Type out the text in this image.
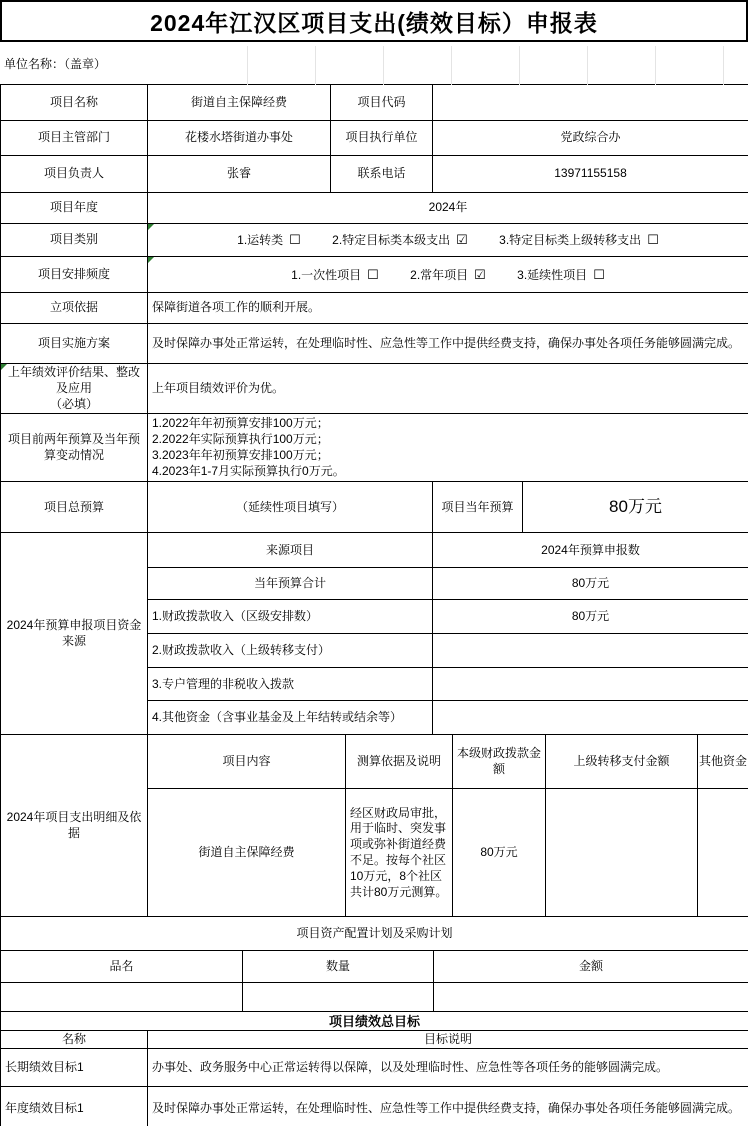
2024年江汉区项目支出(绩效目标）申报表
单位名称：（盖章）
项目名称	街道自主保障经费	项目代码		
项目主管部门	花楼水塔街道办事处	项目执行单位	党政综合办	
项目负责人	张睿	联系电话	13971155158	
项目年度	2024年			
项目类别	1.运转类 ☐ 2.特定目标类本级支出 ☑ 3.特定目标类上级转移支出 ☐			
项目安排频度	1.一次性项目 ☐ 2.常年项目 ☑ 3.延续性项目 ☐			
立项依据	保障街道各项工作的顺利开展。			
项目实施方案	及时保障办事处正常运转，在处理临时性、应急性等工作中提供经费支持，确保办事处各项任务能够圆满完成。			

上年绩效评价结果、整改及应用
（必填）	上年项目绩效评价为优。			
项目前两年预算及当年预算变动情况	1.2022年年初预算安排100万元；
2.2022年实际预算执行100万元；
3.2023年年初预算安排100万元；
4.2023年1-7月实际预算执行0万元。			

项目总预算	（延续性项目填写）		项目当年预算	80万元
2024年预算申报项目资金来源	来源项目	2024年预算申报数
	当年预算合计	80万元
	1.财政拨款收入（区级安排数）	80万元
	2.财政拨款收入（上级转移支付）	
	3.专户管理的非税收入拨款	
	4.其他资金（含事业基金及上年结转或结余等）	
2024年项目支出明细及依据	项目内容	测算依据及说明	本级财政拨款金额	上级转移支付金额	其他资金
	街道自主保障经费	经区财政局审批，用于临时、突发事项或弥补街道经费不足。按每个社区10万元，8个社区共计80万元测算。	80万元		
项目资产配置计划及采购计划		
品名	数量	金额

项目绩效总目标	
名称	目标说明
长期绩效目标1	办事处、政务服务中心正常运转得以保障，以及处理临时性、应急性等各项任务的能够圆满完成。
年度绩效目标1	及时保障办事处正常运转，在处理临时性、应急性等工作中提供经费支持，确保办事处各项任务能够圆满完成。
